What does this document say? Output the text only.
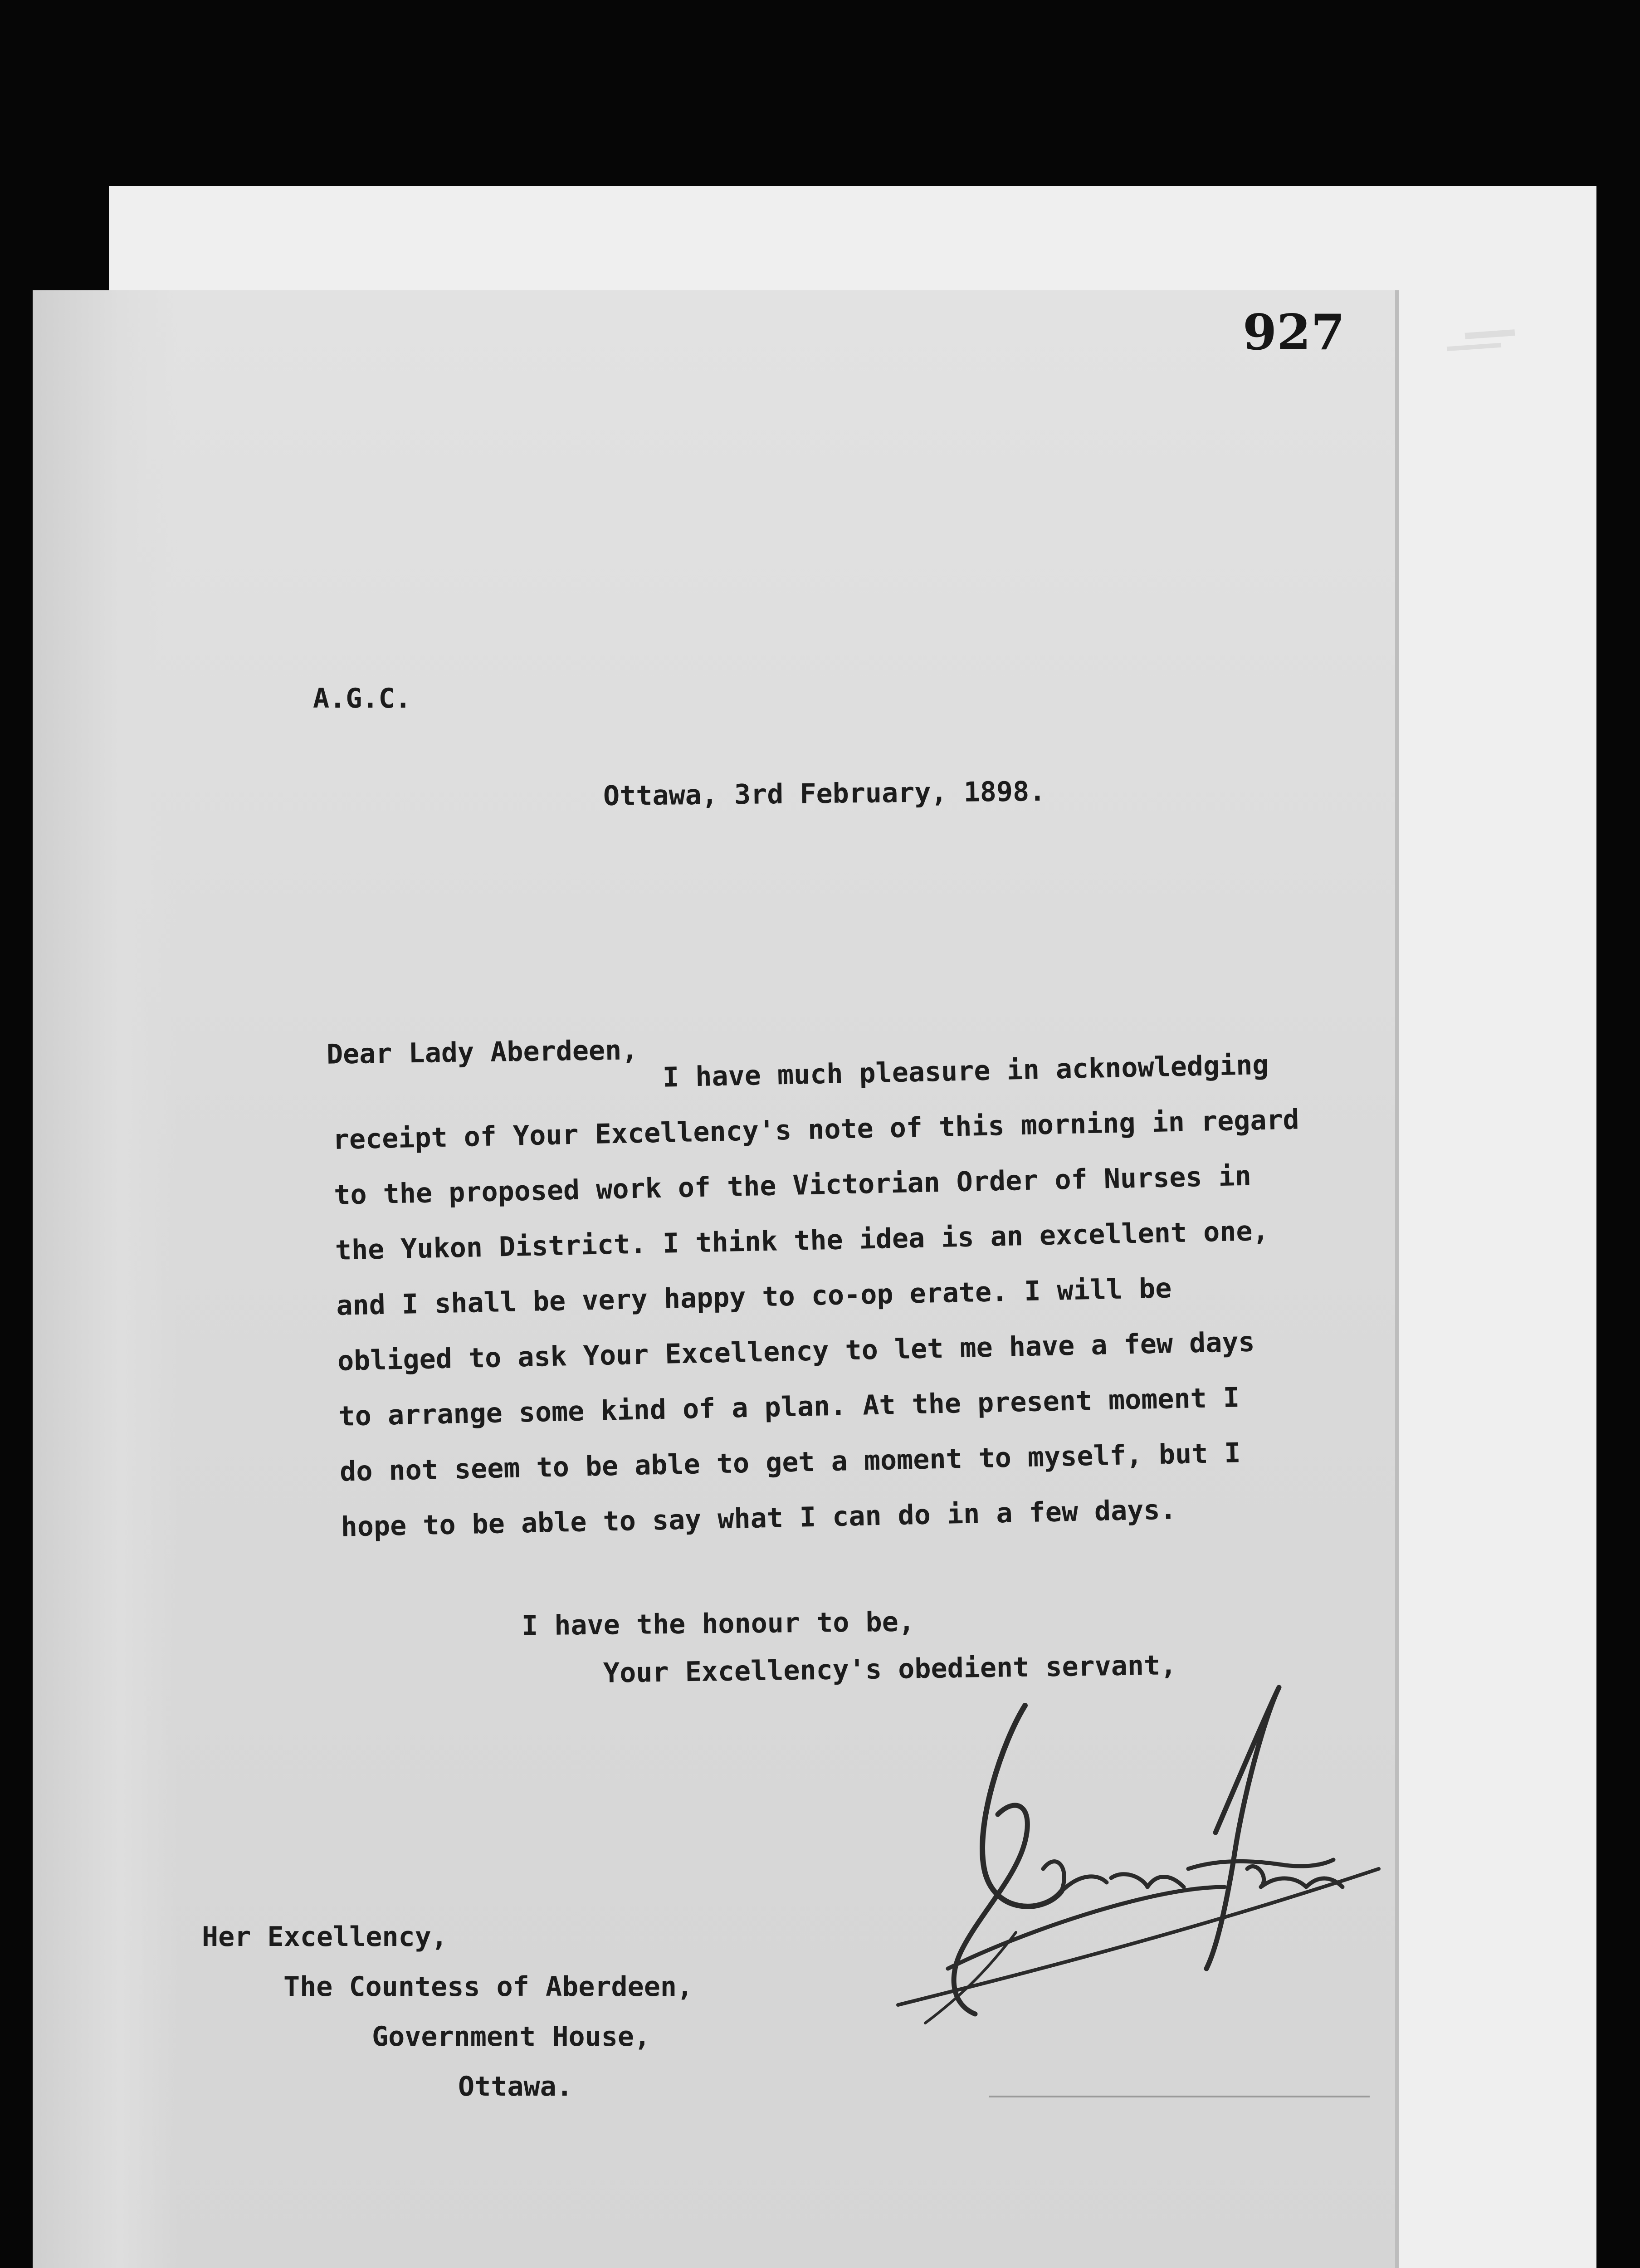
927
A.G.C.
Ottawa, 3rd February, 1898.
Dear Lady Aberdeen, I have much pleasure in acknowledging
receipt of Your Excellency's note of this morning in regard
to the proposed work of the Victorian Order of Nurses in
the Yukon District. I think the idea is an excellent one,
and I shall be very happy to co-op erate. I will be
obliged to ask Your Excellency to let me have a few days
to arrange some kind of a plan. At the present moment I
do not seem to be able to get a moment to myself, but I
hope to be able to say what I can do in a few days.
I have the honour to be,
Your Excellency's obedient servant,
Her Excellency,
The Countess of Aberdeen,
Government House,
Ottawa.
